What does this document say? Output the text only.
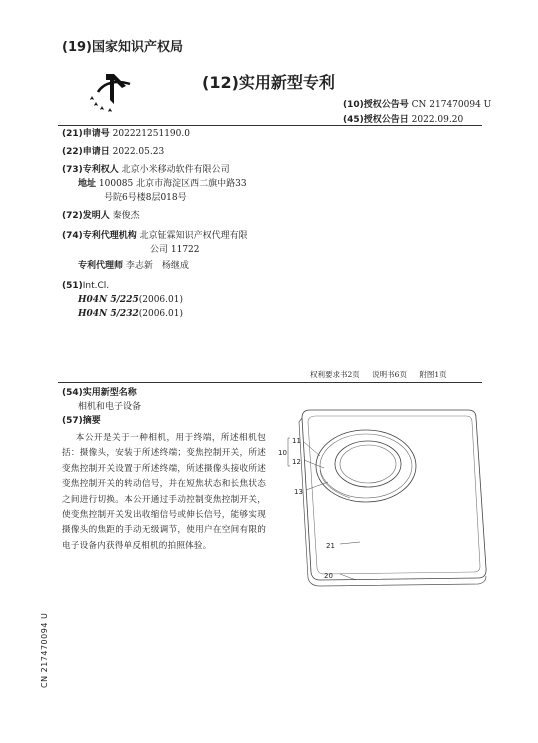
(19)国家知识产权局
(12)实用新型专利
(10)授权公告号 CN 217470094 U
(45)授权公告日 2022.09.20
(21)申请号 202221251190.0
(22)申请日 2022.05.23
(73)专利权人 北京小米移动软件有限公司
地址 100085 北京市海淀区西二旗中路33
号院6号楼8层018号
(72)发明人 秦俊杰
(74)专利代理机构 北京钲霖知识产权代理有限
公司 11722
专利代理师 李志新　杨继成
(51)Int.Cl.
H04N 5/225(2006.01)
H04N 5/232(2006.01)
权利要求书2页 说明书6页 附图1页
(54)实用新型名称
相机和电子设备
(57)摘要
本公开是关于一种相机，用于终端，所述相机包括：摄像头，安装于所述终端；变焦控制开关，所述变焦控制开关设置于所述终端，所述摄像头接收所述变焦控制开关的转动信号，并在短焦状态和长焦状态之间进行切换。本公开通过手动控制变焦控制开关，使变焦控制开关发出收缩信号或伸长信号，能够实现摄像头的焦距的手动无级调节，使用户在空间有限的电子设备内获得单反相机的拍照体验。
11
10
12
13
21
20
CN 217470094 U
